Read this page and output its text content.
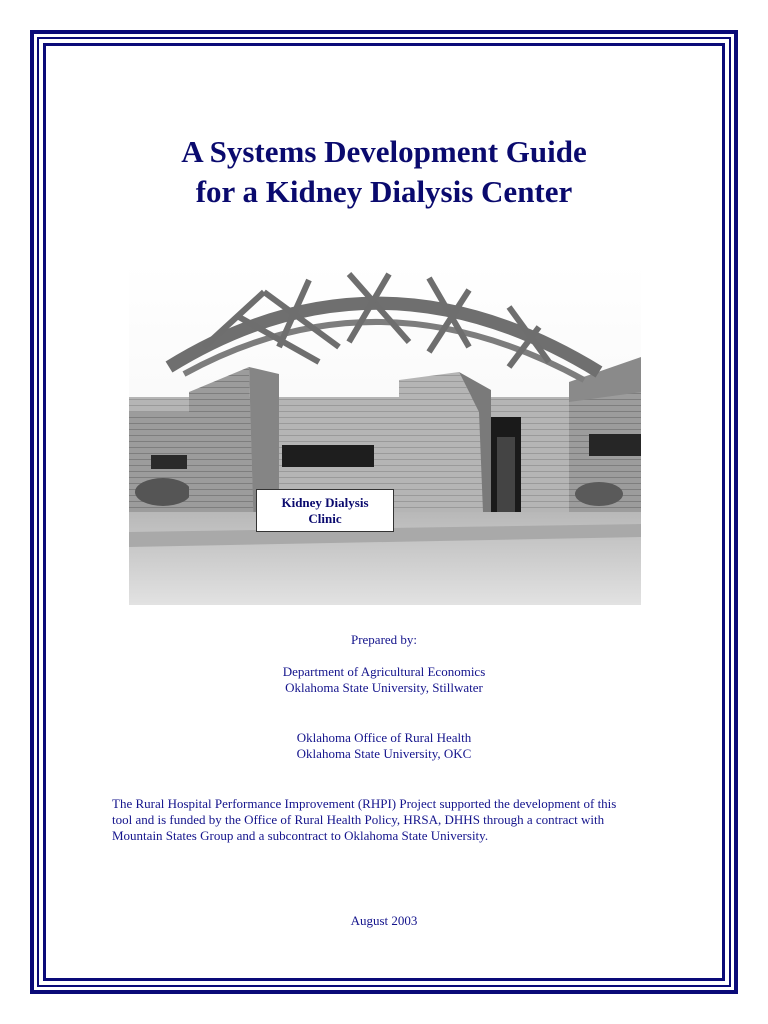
A Systems Development Guide
for a Kidney Dialysis Center
Kidney Dialysis
Clinic
Prepared by:
Department of Agricultural Economics
Oklahoma State University, Stillwater
Oklahoma Office of Rural Health
Oklahoma State University, OKC
The Rural Hospital Performance Improvement (RHPI) Project supported the development of this
tool and is funded by the Office of Rural Health Policy, HRSA, DHHS through a contract with
Mountain States Group and a subcontract to Oklahoma State University.
August 2003
